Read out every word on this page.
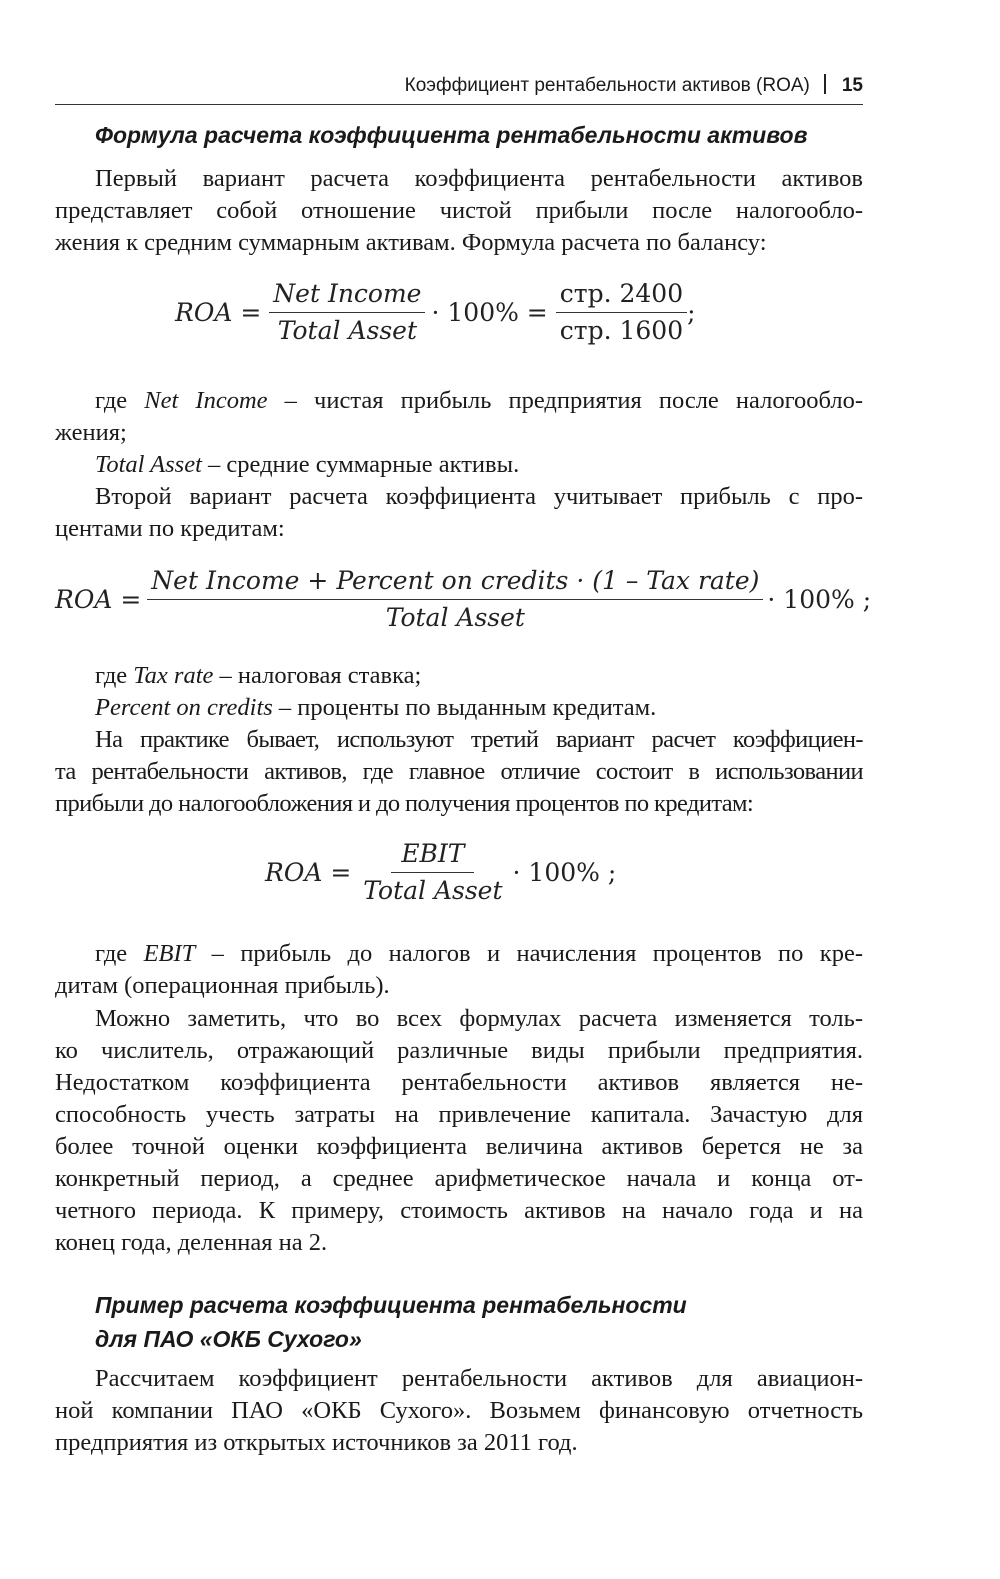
Коэффициент рентабельности активов (ROA) 15
Формула расчета коэффициента рентабельности активов
Первый вариант расчета коэффициента рентабельности активов
представляет собой отношение чистой прибыли после налогообло-
жения к средним суммарным активам. Формула расчета по балансу:
ROA = $\frac{\text{Net Income}}{\text{Total Asset}} \cdot 100\% = \frac{\text{стр. 2400}}{\text{стр. 1600}}$ ;
где Net Income – чистая прибыль предприятия после налогообло-
жения;
Total Asset – средние суммарные активы.
Второй вариант расчета коэффициента учитывает прибыль с про-
центами по кредитам:
ROA = $\frac{\text{Net Income + Percent on credits · (1 – Tax rate)}}{\text{Total Asset}} \cdot 100\%$ ;
где Tax rate – налоговая ставка;
Percent on credits – проценты по выданным кредитам.
На практике бывает, используют третий вариант расчет коэффициен-
та рентабельности активов, где главное отличие состоит в использовании
прибыли до налогообложения и до получения процентов по кредитам:
ROA = $\frac{\text{EBIT}}{\text{Total Asset}} \cdot 100\%$ ;
где EBIT – прибыль до налогов и начисления процентов по кре-
дитам (операционная прибыль).
Можно заметить, что во всех формулах расчета изменяется толь-
ко числитель, отражающий различные виды прибыли предприятия.
Недостатком коэффициента рентабельности активов является не-
способность учесть затраты на привлечение капитала. Зачастую для
более точной оценки коэффициента величина активов берется не за
конкретный период, а среднее арифметическое начала и конца от-
четного периода. К примеру, стоимость активов на начало года и на
конец года, деленная на 2.
Пример расчета коэффициента рентабельности
для ПАО «ОКБ Сухого»
Рассчитаем коэффициент рентабельности активов для авиацион-
ной компании ПАО «ОКБ Сухого». Возьмем финансовую отчетность
предприятия из открытых источников за 2011 год.
